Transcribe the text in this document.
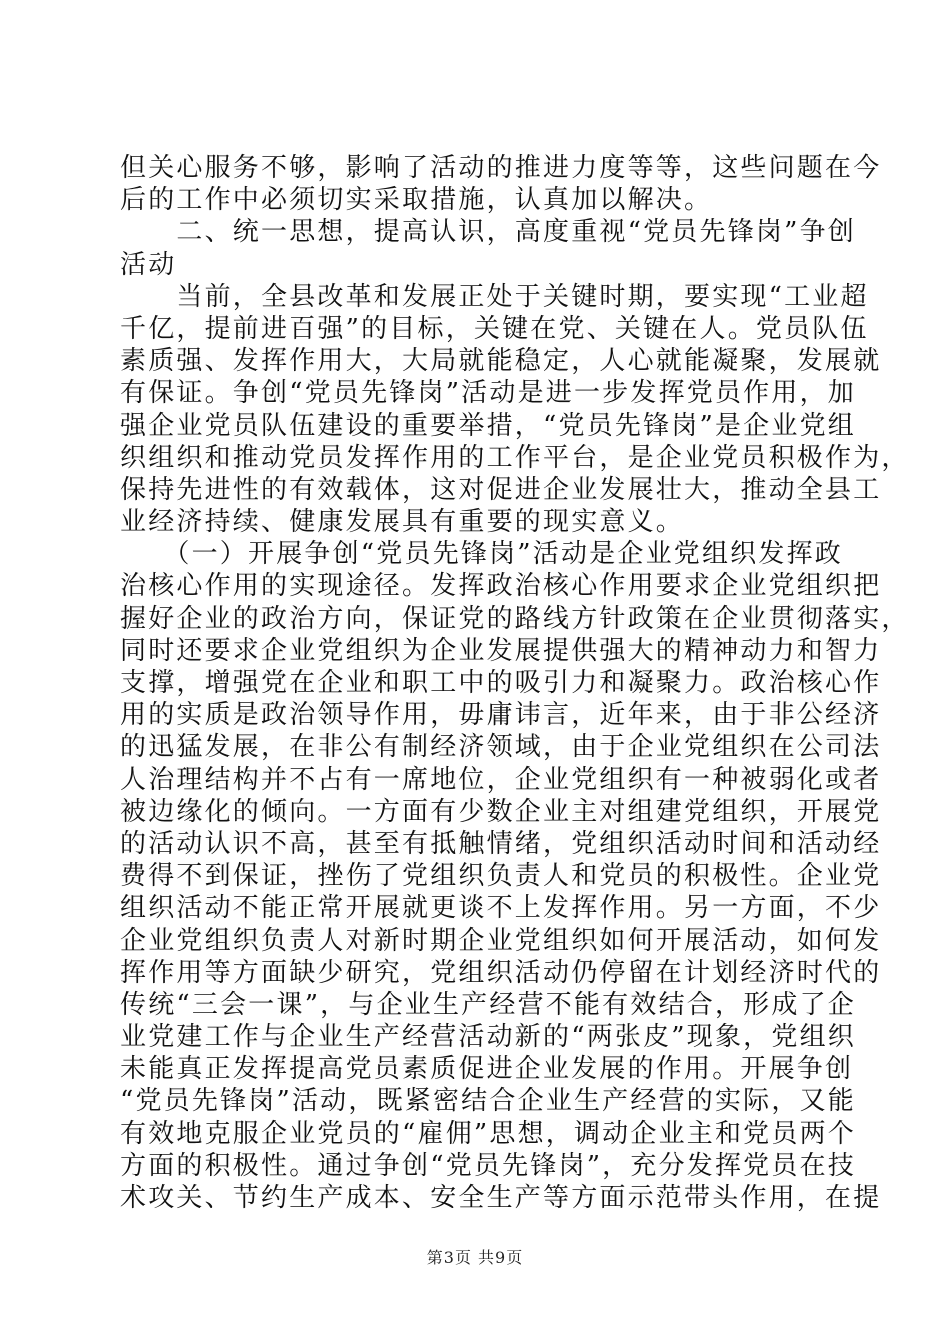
但关心服务不够，影响了活动的推进力度等等，这些问题在今
后的工作中必须切实采取措施，认真加以解决。
　　二、统一思想，提高认识，高度重视“党员先锋岗”争创
活动
　　当前，全县改革和发展正处于关键时期，要实现“工业超
千亿，提前进百强”的目标，关键在党、关键在人。党员队伍
素质强、发挥作用大，大局就能稳定，人心就能凝聚，发展就
有保证。争创“党员先锋岗”活动是进一步发挥党员作用，加
强企业党员队伍建设的重要举措，“党员先锋岗”是企业党组
织组织和推动党员发挥作用的工作平台，是企业党员积极作为，
保持先进性的有效载体，这对促进企业发展壮大，推动全县工
业经济持续、健康发展具有重要的现实意义。
　　（一）开展争创“党员先锋岗”活动是企业党组织发挥政
治核心作用的实现途径。发挥政治核心作用要求企业党组织把
握好企业的政治方向，保证党的路线方针政策在企业贯彻落实，
同时还要求企业党组织为企业发展提供强大的精神动力和智力
支撑，增强党在企业和职工中的吸引力和凝聚力。政治核心作
用的实质是政治领导作用，毋庸讳言，近年来，由于非公经济
的迅猛发展，在非公有制经济领域，由于企业党组织在公司法
人治理结构并不占有一席地位，企业党组织有一种被弱化或者
被边缘化的倾向。一方面有少数企业主对组建党组织，开展党
的活动认识不高，甚至有抵触情绪，党组织活动时间和活动经
费得不到保证，挫伤了党组织负责人和党员的积极性。企业党
组织活动不能正常开展就更谈不上发挥作用。另一方面，不少
企业党组织负责人对新时期企业党组织如何开展活动，如何发
挥作用等方面缺少研究，党组织活动仍停留在计划经济时代的
传统“三会一课”，与企业生产经营不能有效结合，形成了企
业党建工作与企业生产经营活动新的“两张皮”现象，党组织
未能真正发挥提高党员素质促进企业发展的作用。开展争创
“党员先锋岗”活动，既紧密结合企业生产经营的实际，又能
有效地克服企业党员的“雇佣”思想，调动企业主和党员两个
方面的积极性。通过争创“党员先锋岗”，充分发挥党员在技
术攻关、节约生产成本、安全生产等方面示范带头作用，在提
第3页 共9页
